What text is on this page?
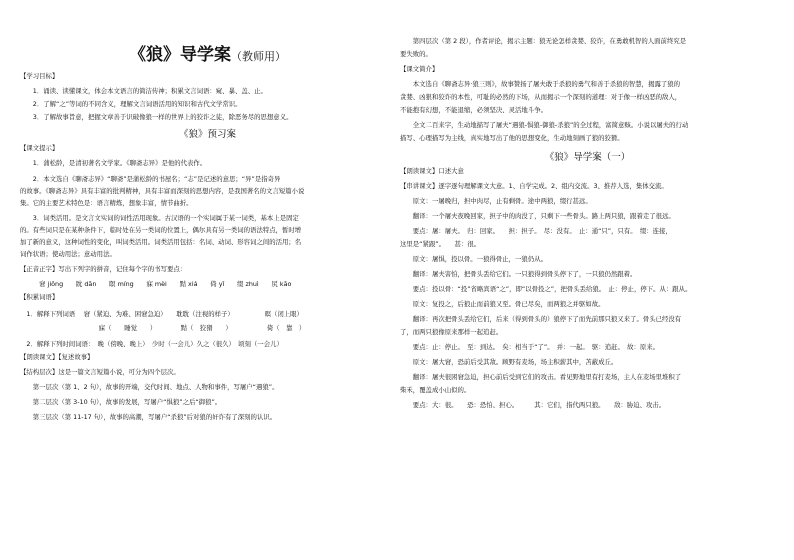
《狼》导学案（教师用）
《狼》预习案
【学习目标】
　　1．诵读、读懂课文，体会本文语言的简洁传神；积累文言词语：窥、暴、盖、止。
　　2．了解“之”等词的不同含义，理解文言词语活用的知识和古代文学常识。
　　3．了解故事旨意，把握文章善于识破像狼一样的世界上的狡诈之徒，除恶务尽的思想意义。
【课文提示】
　　1．蒲松龄，是清初著名文学家。《聊斋志异》是他的代表作。
　　2．本文选自《聊斋志异》“聊斋”是蒲松龄的书屋名；“志”是记述的意思；“异”是指奇异
的故事。《聊斋志异》具有丰富的批判精神，具有丰富而深刻的思想内容，是我国著名的文言短篇小说
集。它的主要艺术特色是：语言精炼，想象丰富，情节曲折。
　　3．词类活用。是文言文实词的词性活用现象。古汉语的一个实词属于某一词类，基本上是固定
的。有些词只是在某种条件下，临时处在另一类词的位置上，偶尔具有另一类词的语法特点，暂时增
加了新的意义，这种词性的变化，叫词类活用。词类活用包括：名词、动词、形容词之间的活用；名
词作状语；使动用法；意动用法。
【正音正字】写出下列字的拼音，记住每个字的书写要点：
　　　窘 jiǒng　　眈 dān　　瞑 míng　　寐 mèi　　黠 xiá　　倚 yǐ　　缀 zhuì　　尻 kāo
【积累词语】
　1．解释下列词语　 窘（紧迫、为难、困窘急迫）　　耽耽（注视的样子）　　　　　 暝（闭上眼）
　　　　　　　　　　　　 寐（　　睡觉　　）　　　　 黠（　狡猾　　）　　　　　　倚（　靠　）
　2．解释下列时间词语：　晚（傍晚、晚上）　少时（一会儿）久之（很久）　顷刻（一会儿）
【朗读课文】【复述故事】
【结构层次】这是一篇文言短篇小说，可分为四个层次。
　　第一层次（第 1、2 句），故事的开端，交代时间、地点、人物和事件，写屠户“遇狼”。
　　第二层次（第 3-10 句），故事的发展，写屠户“惧狼”之后“御狼”。
　　第三层次（第 11-17 句），故事的高潮，写屠户“杀狼”后对狼的奸诈有了深刻的认识。
《狼》导学案（一）
　　第四层次（第 2 段），作者评论，揭示主题：狼无论怎样贪婪、狡诈，在勇敢机智的人面前终究是
要失败的。
【课文简介】
　　本文选自《聊斋志异·狼三则》，故事赞扬了屠夫敢于杀狼的勇气和善于杀狼的智慧，揭露了狼的
贪婪、凶狠和狡诈的本性，可耻的必然的下场，从而揭示一个深刻的道理：对于像一样凶恶的敌人，
不能抱有幻想，不能退缩，必须坚决、灵活地斗争。
　　全文二百来字，生动地描写了屠夫“遇狼-惧狼-御狼-杀狼”的全过程，富简意赅。小说以屠夫的行动
描写、心理描写为主线，真实地写出了他的思想变化，生动地刻画了狼的狡猾。
【朗读课文】口述大意
【串讲课文】逐字逐句理解课文大意。1、自学完成。2、组内交流。3、推荐人选，集体交流。
　　原文：一屠晚归，担中肉尽，止有剩骨。途中两狼，缀行甚远。
　　翻译：一个屠夫夜晚回家，担子中的肉没了，只剩下一些骨头。路上两只狼，跟着走了很远。
　　要点：屠：屠夫。　归：回家。　　担：担子。　尽：没有。　止：通“只”，只有。　缀：连接，
这里是“紧跟”。　　甚：很。
　　原文：屠惧，投以骨。一狼得骨止，一狼仍从。
　　翻译：屠夫害怕，把骨头丢给它们。一只狼得到骨头停下了，一只狼仍然跟着。
　　要点：投以骨：“投”省略宾语“之”，即“以骨投之”，把骨头丢给狼。　止：停止，停下。从：跟从。
　　原文：复投之，后狼止而前狼又至。骨已尽矣，而两狼之并驱如故。
　　翻译：再次把骨头丢给它们，后来（得到骨头的）狼停下了而先前那只狼又来了。骨头已经没有
了，而两只狼像原来那样一起追赶。
　　要点：止：停止。　至：到达。　矣：相当于“了”。　并：一起。　驱：追赶。　故：原来。
　　原文：屠大窘，恐前后受其敌。顾野有麦场，场主积薪其中，苫蔽成丘。
　　翻译：屠夫很困窘急迫，担心前后受到它们的攻击。看见野地里有打麦场，主人在麦场里堆积了
柴禾，覆盖成小山似的。
　　要点：大：很。　　恐：恐怕、担心。　　　其：它们，指代两只狼。　　敌：胁迫、攻击。
